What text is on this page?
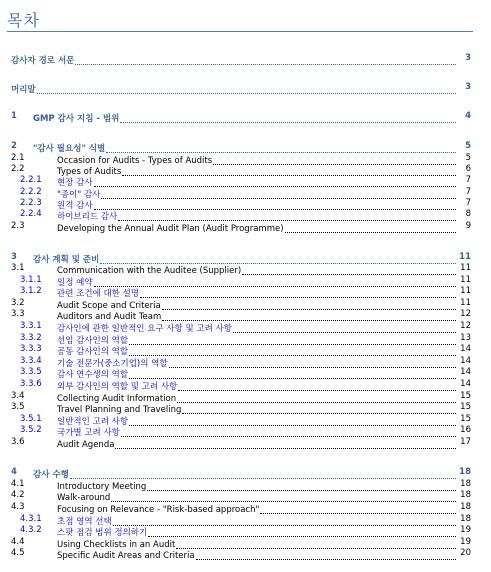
목차
감사자 경로 서문	3
머리말	3
1 GMP 감사 지침 - 범위	4
2 "감사 필요성" 식별	5
2.1	Occasion for Audits - Types of Audits	5
2.2	Types of Audits	6
2.2.1 현장 감사	7
2.2.2 "종이" 감사	7
2.2.3 원격 감사	7
2.2.4 하이브리드 감사	8
2.3	Developing the Annual Audit Plan (Audit Programme)	9
3 감사 계획 및 준비	11
3.1	Communication with the Auditee (Supplier)	11
3.1.1 일정 예약	11
3.1.2 관련 조건에 대한 설명	11
3.2	Audit Scope and Criteria	11
3.3	Auditors and Audit Team	12
3.3.1 감사인에 관한 일반적인 요구 사항 및 고려 사항	12
3.3.2 선임 감사인의 역할	13
3.3.3 공동 감사인의 역할	14
3.3.4 기술 전문가(중소기업)의 역할	14
3.3.5 감사 연수생의 역할	14
3.3.6 외부 감사인의 역할 및 고려 사항	14
3.4	Collecting Audit Information	15
3.5	Travel Planning and Traveling	15
3.5.1 일반적인 고려 사항	15
3.5.2 국가별 고려 사항	16
3.6	Audit Agenda	17
4 감사 수행	18
4.1	Introductory Meeting	18
4.2	Walk-around	18
4.3	Focusing on Relevance - "Risk-based approach"	18
4.3.1 초점 영역 선택	18
4.3.2 스팟 점검 범위 정의하기	19
4.4	Using Checklists in an Audit	19
4.5	Specific Audit Areas and Criteria	20
